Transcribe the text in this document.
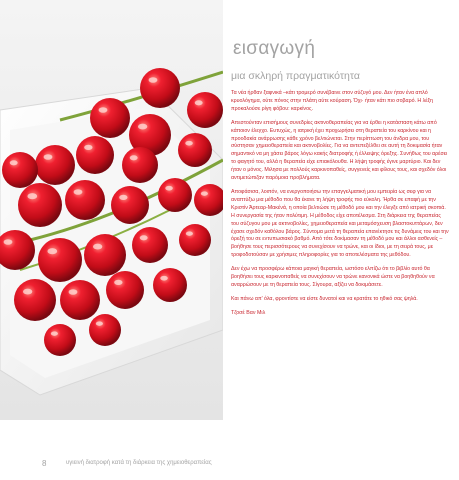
εισαγωγή
μια σκληρή πραγματικότητα

Τα νέα ήρθαν ξαφνικά –κάτι τρομερό συνέβαινε στον σύζυγό μου. Δεν ήταν ένα απλό κρυολόγημα, ούτε πόνος στην πλάτη αύτε κούραση. Όχι· ήταν κάτι πιο σοβαρό. Η λέξη προκαλούσε ρίγη φόβου: καρκίνος.

Απεστούνταν επισήμους συνεδρίες ακτινοθεραπείας για να έρθει η κατάσταση κάτω από κάποιον έλεγχο. Ευτυχώς, η ιατρική έχει προχωρήσει στη θεραπεία του καρκίνου και η προοδακία ανάρρωσης κάθε χρόνο βελτιώνεται. Στην περίπτωση του άνδρα μου, του σύστησαν χημειοθεραπεία και ακτινοβολίες. Για να αντεπεξέλθει σε αυτή τη δοκιμασία ήταν σημαντικό να μη χάσει βάρος λόγω κακής διατροφής ή έλλειψης όρεξης. Συνήθως του αρέσει το φαγητό του, αλλά η θεραπεία είχε επιακόλουθα. Η λήψη τροφής έγινε μαρτύριο. Και δεν ήταν ο μόνος. Μιλησα με πολλούς καρκινοπαθείς, συγγενείς και φίλους τους, και σχεδόν όλοι αντιμετώπιζαν παρόμοια προβλήματα.

Αποφάσισα, λοιπόν, να ενεργοποιήσω την επαγγελματική μου εμπειρία ως σεφ για να αναπτύξω μια μέθοδο που θα έκανε τη λήψη τροφής πιο εύκολη. Ήρθα σε επαφή με την Κριστίν Άρτεαρ-Μακένά, η οποία βελτιώσε τη μέθοδό μου και την έλεγξε από ιατρική σκοπιά. Η συνεργασία της ήταν πολύτιμη. Η μέθοδος είχε αποτέλεσμα. Στη διάρκεια της θεραπείας του σύζυγου μου με ακτινοβολίες, χημειοθεραπεία και μεταμόσχευση βλαστοκυττάρων, δεν έχασε σχεδόν καθόλου βάρος. Σύντομα μετά τη θεραπεία επανέκτησε τις δυνάμεις του και την όρεξή του σε εντυπωσιακό βαθμό. Από τότε δοκίμασαν τη μέθοδό μου και άλλοι ασθενείς –βοήθησε τους περισσότερους να συνεχίσουν να τρώνε, και οι ίδιοι, με τη σειρά τους, με τροφοδοτούσαν με χρήσιμες πληροφορίες για το αποτελέσματα της μεθόδου.

Δεν έχω να προσφέρω κάποια μαγική θεραπεία, ωστόσο ελπίζω ότι το βιβλίο αυτό θα βοηθήσει τους καρκινοπαθείς να συνεχίσουν να τρώνε κανονικά ώστε να βοηθηθούν να αναρρώσουν με τη θεραπεία τους. Σίγουρα, αξίζει να δοκιμάσετε.

Και πάνω απ' όλα, φροντίστε να είστε δυνατοί και να κρατάτε το ηθικό σας ψηλά.

Τζοσέ Βαν Μιλ

8	υγιεινή διατροφή κατά τη διάρκεια της χημειοθεραπείας
